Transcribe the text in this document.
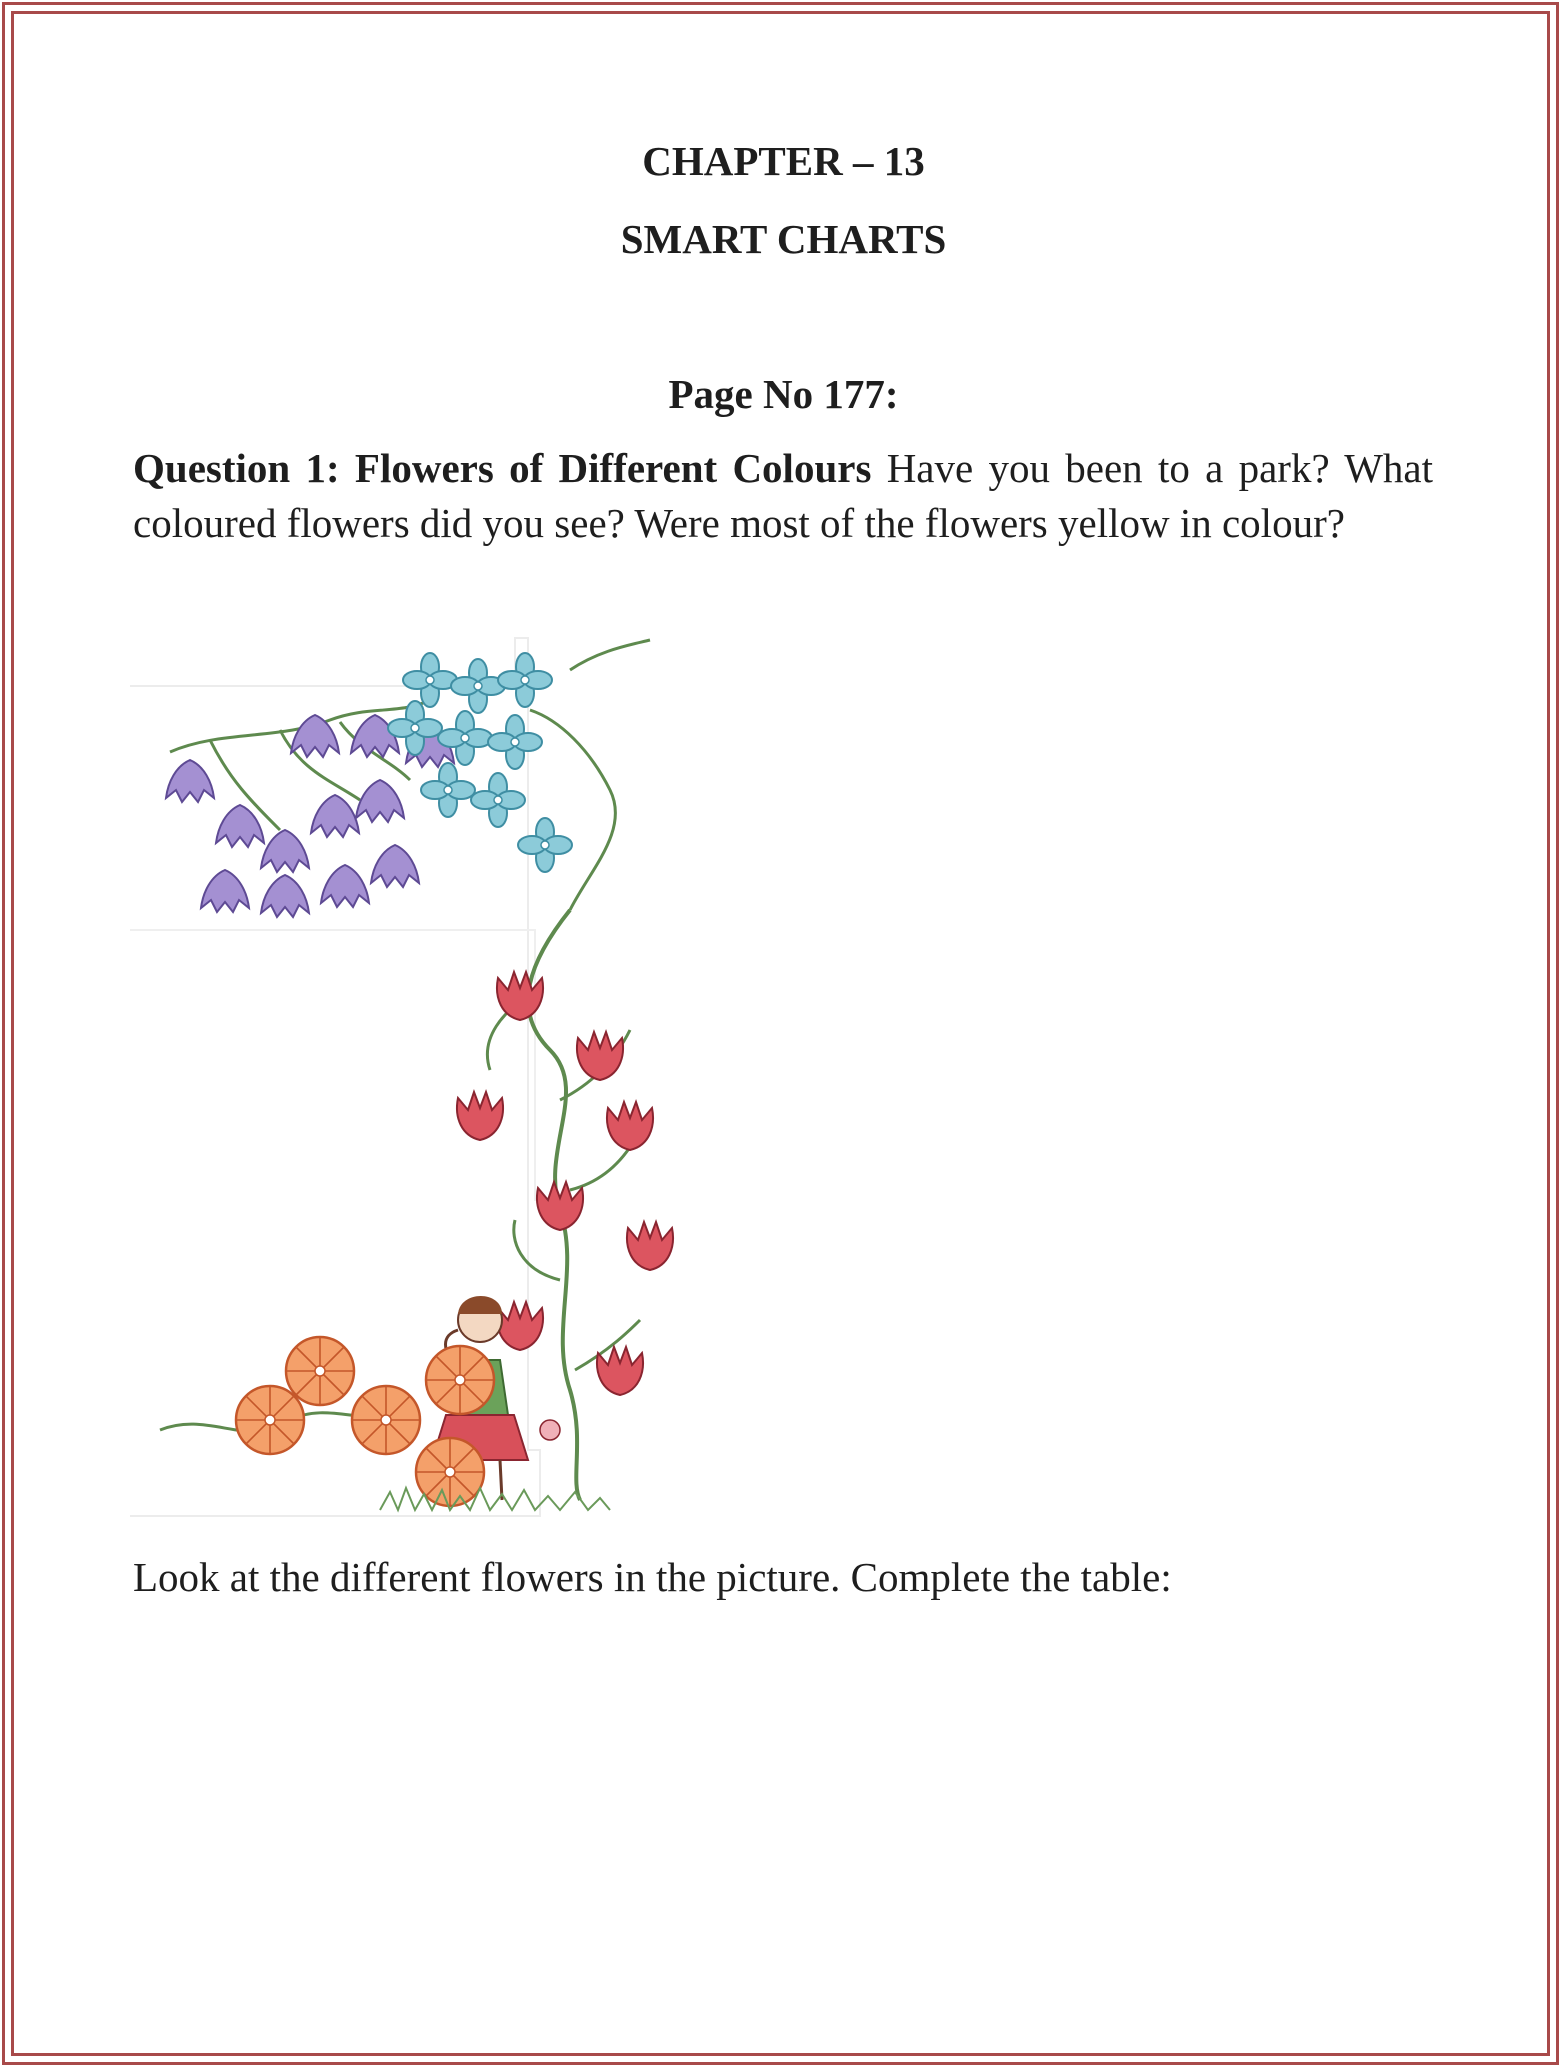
CHAPTER – 13
SMART CHARTS
Page No 177:
Question 1: Flowers of Different Colours Have you been to a park? What coloured flowers did you see? Were most of the flowers yellow in colour?
Look at the different flowers in the picture. Complete the table:
